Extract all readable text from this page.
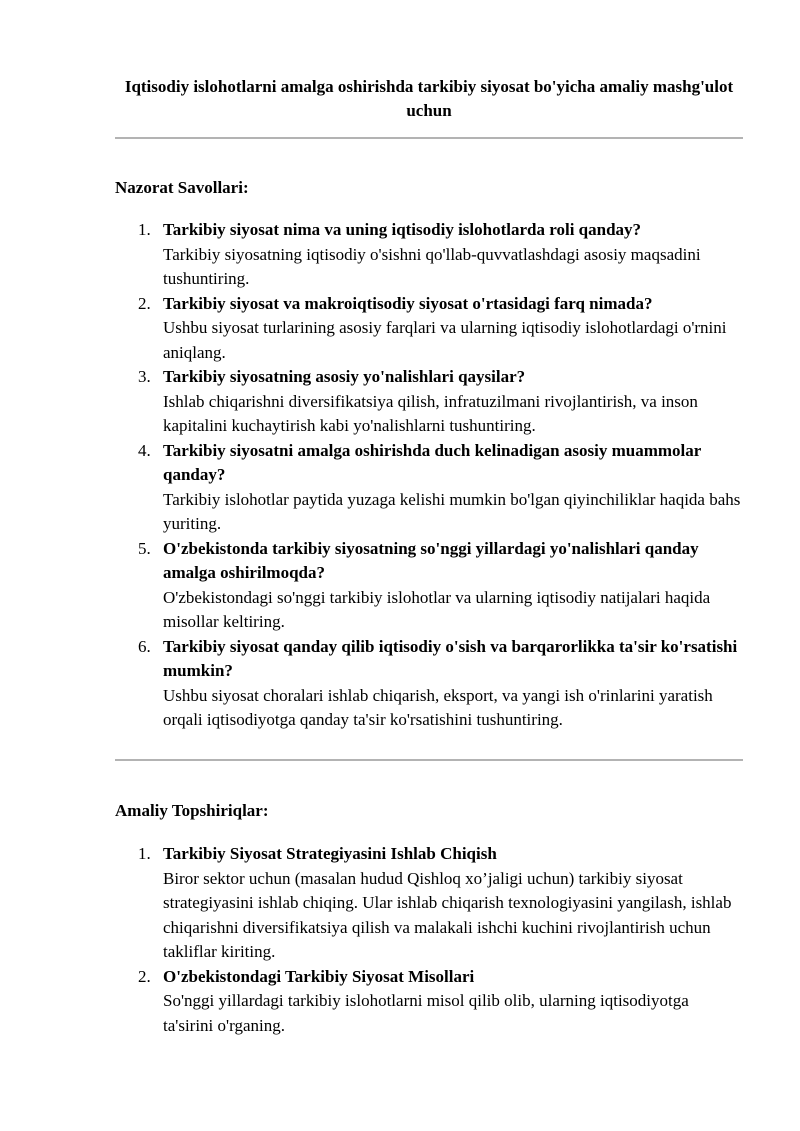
Iqtisodiy islohotlarni amalga oshirishda tarkibiy siyosat bo'yicha amaliy mashg'ulot uchun
Nazorat Savollari:
1. Tarkibiy siyosat nima va uning iqtisodiy islohotlarda roli qanday?
Tarkibiy siyosatning iqtisodiy o'sishni qo'llab-quvvatlashdagi asosiy maqsadini tushuntiring.
2. Tarkibiy siyosat va makroiqtisodiy siyosat o'rtasidagi farq nimada?
Ushbu siyosat turlarining asosiy farqlari va ularning iqtisodiy islohotlardagi o'rnini aniqlang.
3. Tarkibiy siyosatning asosiy yo'nalishlari qaysilar?
Ishlab chiqarishni diversifikatsiya qilish, infratuzilmani rivojlantirish, va inson kapitalini kuchaytirish kabi yo'nalishlarni tushuntiring.
4. Tarkibiy siyosatni amalga oshirishda duch kelinadigan asosiy muammolar qanday?
Tarkibiy islohotlar paytida yuzaga kelishi mumkin bo'lgan qiyinchiliklar haqida bahs yuriting.
5. O'zbekistonda tarkibiy siyosatning so'nggi yillardagi yo'nalishlari qanday amalga oshirilmoqda?
O'zbekistondagi so'nggi tarkibiy islohotlar va ularning iqtisodiy natijalari haqida misollar keltiring.
6. Tarkibiy siyosat qanday qilib iqtisodiy o'sish va barqarorlikka ta'sir ko'rsatishi mumkin?
Ushbu siyosat choralari ishlab chiqarish, eksport, va yangi ish o'rinlarini yaratish orqali iqtisodiyotga qanday ta'sir ko'rsatishini tushuntiring.
Amaliy Topshiriqlar:
1. Tarkibiy Siyosat Strategiyasini Ishlab Chiqish
Biror sektor uchun (masalan hudud Qishloq xo’jaligi uchun) tarkibiy siyosat strategiyasini ishlab chiqing. Ular ishlab chiqarish texnologiyasini yangilash, ishlab chiqarishni diversifikatsiya qilish va malakali ishchi kuchini rivojlantirish uchun takliflar kiriting.
2. O'zbekistondagi Tarkibiy Siyosat Misollari
So'nggi yillardagi tarkibiy islohotlarni misol qilib olib, ularning iqtisodiyotga ta'sirini o'rganing.
